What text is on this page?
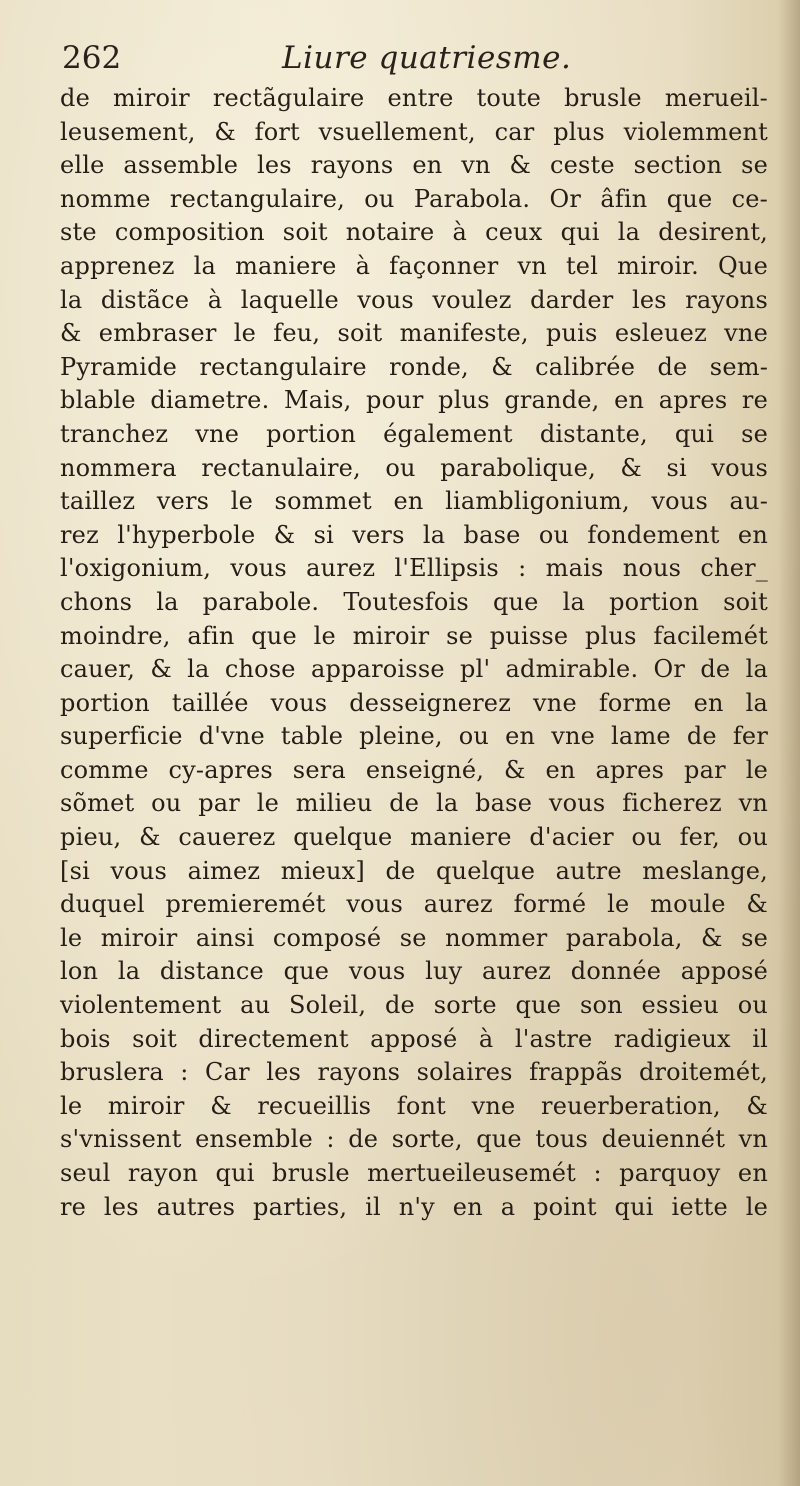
262	Liure quatriesme.
de miroir rectãgulaire entre toute brusle merueil-
leusement, & fort vsuellement, car plus violemment
elle assemble les rayons en vn & ceste section se
nomme rectangulaire, ou Parabola. Or âfin que ce-
ste composition soit notaire à ceux qui la desirent,
apprenez la maniere à façonner vn tel miroir. Que
la distãce à laquelle vous voulez darder les rayons
& embraser le feu, soit manifeste, puis esleuez vne
Pyramide rectangulaire ronde, & calibrée de sem-
blable diametre. Mais, pour plus grande, en apres re
tranchez vne portion également distante, qui se
nommera rectanulaire, ou parabolique, & si vous
taillez vers le sommet en liambligonium, vous au-
rez l'hyperbole & si vers la base ou fondement en
l'oxigonium, vous aurez l'Ellipsis : mais nous cher_
chons la parabole. Toutesfois que la portion soit
moindre, afin que le miroir se puisse plus facilemét
cauer, & la chose apparoisse pl' admirable. Or de la
portion taillée vous desseignerez vne forme en la
superficie d'vne table pleine, ou en vne lame de fer
comme cy-apres sera enseigné, & en apres par le
sõmet ou par le milieu de la base vous ficherez vn
pieu, & cauerez quelque maniere d'acier ou fer, ou
[si vous aimez mieux] de quelque autre meslange,
duquel premieremét vous aurez formé le moule &
le miroir ainsi composé se nommer parabola, & se
lon la distance que vous luy aurez donnée apposé
violentement au Soleil, de sorte que son essieu ou
bois soit directement apposé à l'astre radigieux il
bruslera : Car les rayons solaires frappãs droitemét,
le miroir & recueillis font vne reuerberation, &
s'vnissent ensemble : de sorte, que tous deuiennét vn
seul rayon qui brusle mertueileusemét : parquoy en
re les autres parties, il n'y en a point qui iette le
